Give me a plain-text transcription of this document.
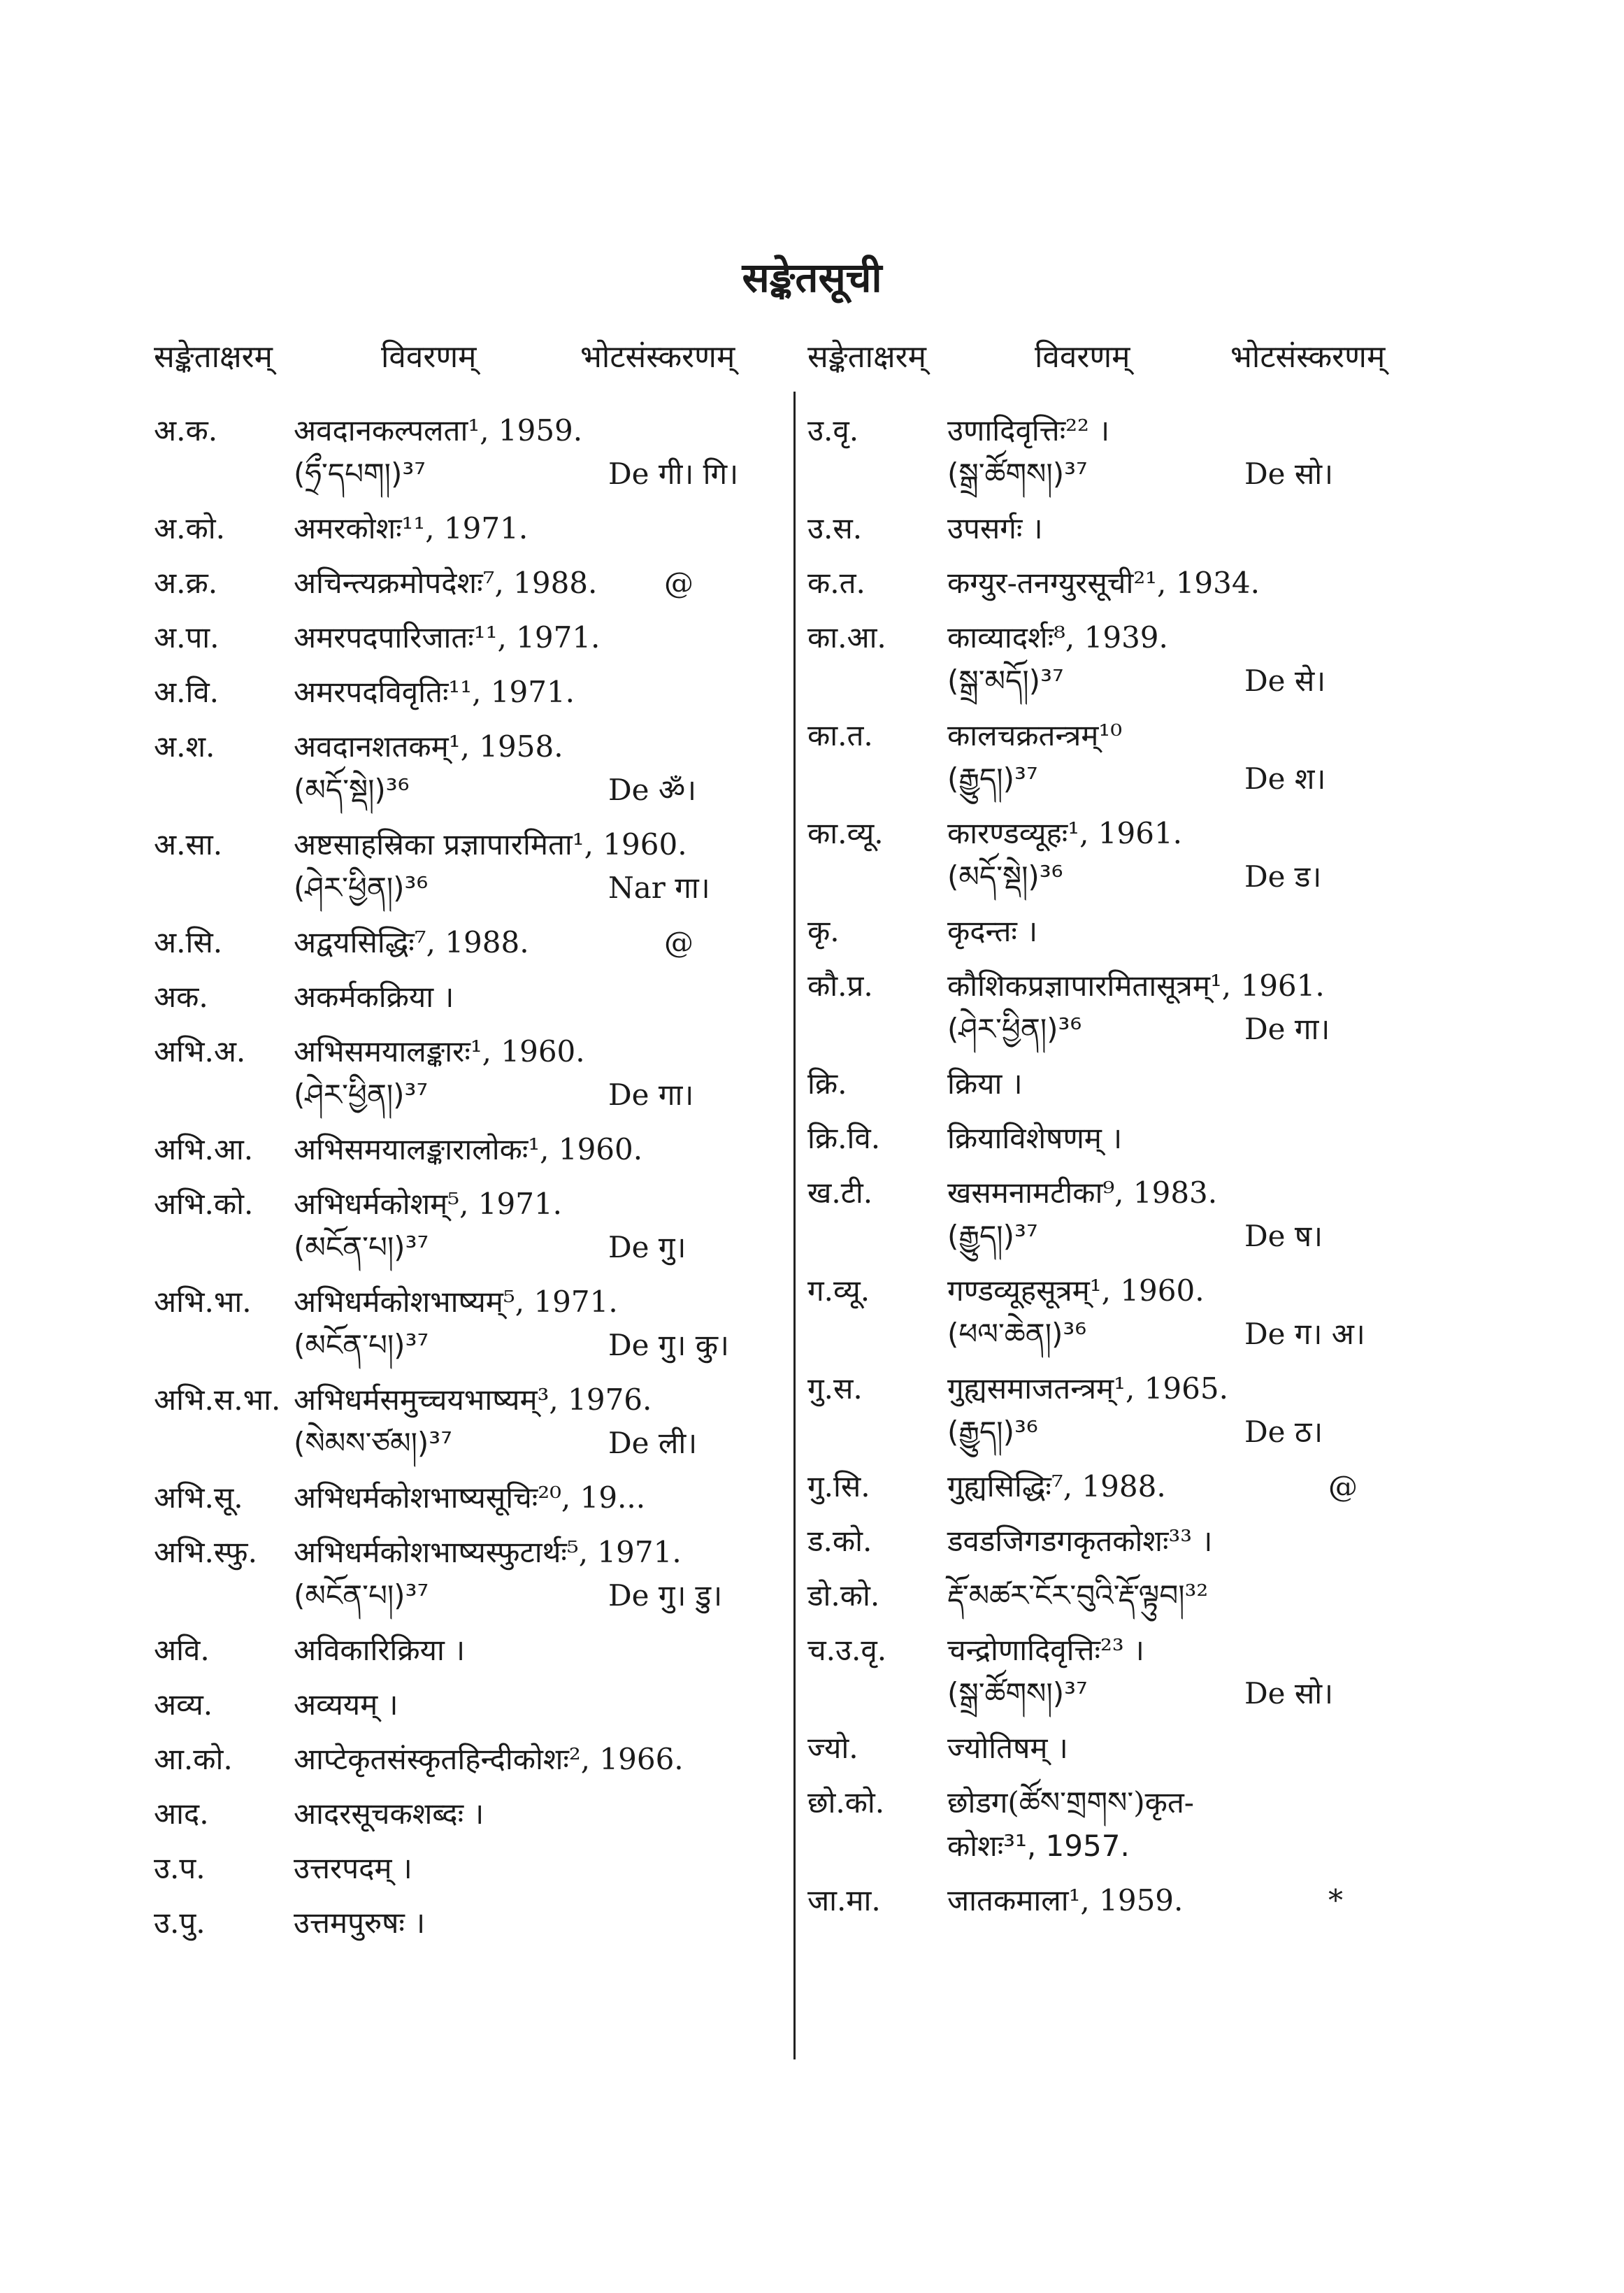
सङ्केतसूची
सङ्केताक्षरम्	विवरणम्	भोटसंस्करणम् सङ्केताक्षरम्	विवरणम्	भोटसंस्करणम्
अ.क.	अवदानकल्पलता¹, 1959.
(ཧྲྀ་དཔག།)³⁷	De गी। गि।
अ.को. अमरकोशः¹¹, 1971.
अ.क्र.	अचिन्त्यक्रमोपदेशः⁷, 1988. @
अ.पा.	अमरपदपारिजातः¹¹, 1971.
अ.वि.	अमरपदविवृतिः¹¹, 1971.
अ.श.	अवदानशतकम्¹, 1958.
(མདོ་སྡེ།)³⁶	De ॐ।
अ.सा. अष्टसाहस्रिका प्रज्ञापारमिता¹, 1960.
(ཤེར་ཕྱིན།)³⁶	Nar गा।
अ.सि. अद्वयसिद्धिः⁷, 1988.	@
अक.	अकर्मकक्रिया ।
अभि.अ. अभिसमयालङ्कारः¹, 1960.
(ཤེར་ཕྱིན།)³⁷	De गा।
अभि.आ. अभिसमयालङ्कारालोकः¹, 1960.
अभि.को. अभिधर्मकोशम्⁵, 1971.
(མངོན་པ།)³⁷	De गु।
अभि.भा. अभिधर्मकोशभाष्यम्⁵, 1971.
(མངོན་པ།)³⁷	De गु। कु।
अभि.स.भा. अभिधर्मसमुच्चयभाष्यम्³, 1976.
(སེམས་ཙམ།)³⁷	De ली।
अभि.सू. अभिधर्मकोशभाष्यसूचिः²⁰, 19...
अभि.स्फु. अभिधर्मकोशभाष्यस्फुटार्थः⁵, 1971.
(མངོན་པ།)³⁷	De गु। डु।
अवि.	अविकारिक्रिया ।
अव्य.	अव्ययम् ।
आ.को. आप्टेकृतसंस्कृतहिन्दीकोशः², 1966.
आद.	आदरसूचकशब्दः ।
उ.प.	उत्तरपदम् ।
उ.पु.	उत्तमपुरुषः ।
उ.वृ.	उणादिवृत्तिः²² ।
(སྒྲ་ཚོགས།)³⁷	De सो।
उ.स.	उपसर्गः ।
क.त.	कग्युर-तनग्युरसूची²¹, 1934.
का.आ. काव्यादर्शः⁸, 1939.
(སྒྲ་མདོ།)³⁷	De से।
का.त.	कालचक्रतन्त्रम्¹⁰
(རྒྱུད།)³⁷	De श।
का.व्यू. कारण्डव्यूहः¹, 1961.
(མདོ་སྡེ།)³⁶	De ड।
कृ.	कृदन्तः ।
कौ.प्र.	कौशिकप्रज्ञापारमितासूत्रम्¹, 1961.
(ཤེར་ཕྱིན།)³⁶	De गा।
क्रि.	क्रिया ।
क्रि.वि. क्रियाविशेषणम् ।
ख.टी.	खसमनामटीका⁹, 1983.
(རྒྱུད།)³⁷	De ष।
ग.व्यू.	गण्डव्यूहसूत्रम्¹, 1960.
(ཕལ་ཆེན།)³⁶	De ग। अ।
गु.स.	गुह्यसमाजतन्त्रम्¹, 1965.
(རྒྱུད།)³⁶	De ठ।
गु.सि.	गुह्यसिद्धिः⁷, 1988.	@
ड.को.	डवडजिगडगकृतकोशः³³ ।
डो.को. རྡོ་མཚར་ངོར་བུའི་རྡོ་ལྟུབ།³²
च.उ.वृ. चन्द्रोणादिवृत्तिः²³ ।
(སྒྲ་ཚོགས།)³⁷	De सो।
ज्यो.	ज्योतिषम् ।
छो.को. छोडग(ཚོས་གྲགས་)कृत-
कोशः³¹, 1957.
जा.मा. जातकमाला¹, 1959.	*
